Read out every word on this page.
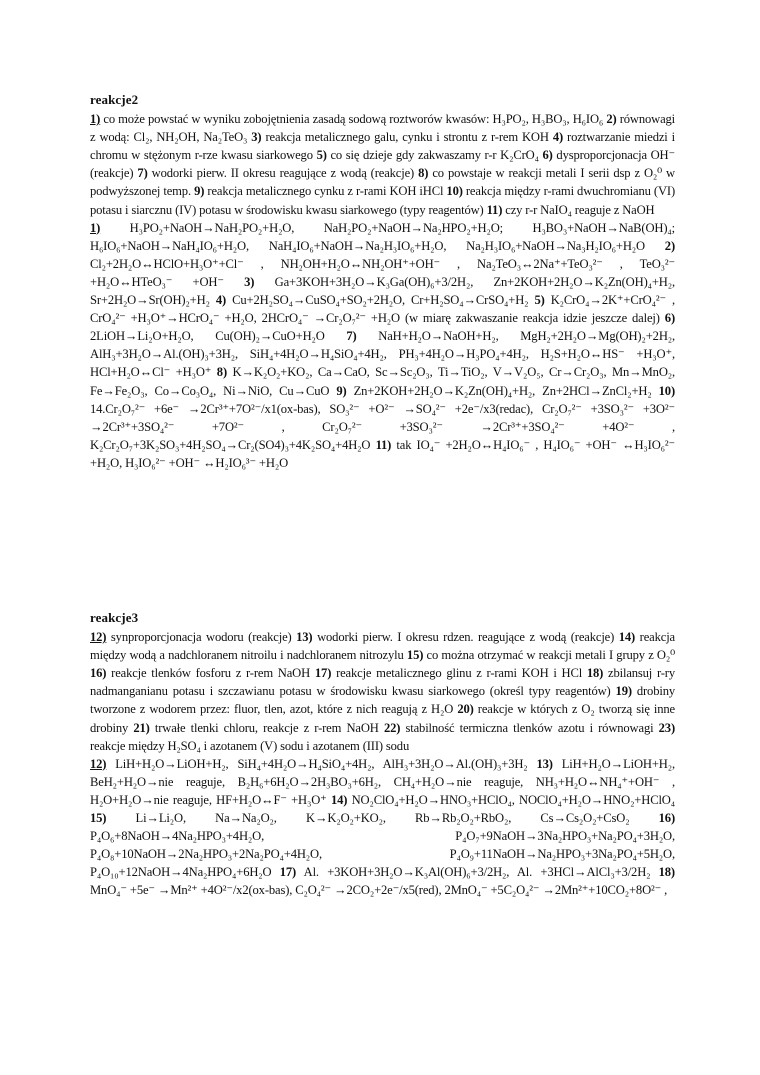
reakcje2

1) co może powstać w wyniku zobojętnienia zasadą sodową roztworów kwasów: H₃PO₂, H₃BO₃, H₆IO₆ 2) równowagi z wodą: Cl₂, NH₂OH, Na₂TeO₃ 3) reakcja metalicznego galu, cynku i strontu z r-rem KOH 4) roztwarzanie miedzi i chromu w stężonym r-rze kwasu siarkowego 5) co się dzieje gdy zakwaszamy r-r K₂CrO₄ 6) dysproporcjonacja OH⁻ (reakcje) 7) wodorki pierw. II okresu reagujące z wodą (reakcje) 8) co powstaje w reakcji metali I serii dsp z O₂⁰ w podwyższonej temp. 9) reakcja metalicznego cynku z r-rami KOH iHCl 10) reakcja między r-rami dwuchromianu (VI) potasu i siarcznu (IV) potasu w środowisku kwasu siarkowego (typy reagentów) 11) czy r-r NaIO₄ reaguje z NaOH

1) H₃PO₂+NaOH→NaH₂PO₂+H₂O, NaH₂PO₂+NaOH→Na₂HPO₂+H₂O; H₃BO₃+NaOH→NaB(OH)₄; H₆IO₆+NaOH→NaH₄IO₆+H₂O, NaH₄IO₆+NaOH→Na₂H₃IO₆+H₂O, Na₂H₃IO₆+NaOH→Na₃H₂IO₆+H₂O 2) Cl₂+2H₂O↔HClO+H₃O⁺+Cl⁻ , NH₂OH+H₂O↔NH₂OH⁺+OH⁻ , Na₂TeO₃↔2Na⁺+TeO₃²⁻ , TeO₃²⁻ +H₂O↔HTeO₃⁻ +OH⁻ 3) Ga+3KOH+3H₂O→K₃Ga(OH)₆+3/2H₂, Zn+2KOH+2H₂O→K₂Zn(OH)₄+H₂, Sr+2H₂O→Sr(OH)₂+H₂ 4) Cu+2H₂SO₄→CuSO₄+SO₂+2H₂O, Cr+H₂SO₄→CrSO₄+H₂ 5) K₂CrO₄→2K⁺+CrO₄²⁻ , CrO₄²⁻ +H₃O⁺→HCrO₄⁻ +H₂O, 2HCrO₄⁻ →Cr₂O₇²⁻ +H₂O (w miarę zakwaszanie reakcja idzie jeszcze dalej) 6) 2LiOH→Li₂O+H₂O, Cu(OH)₂→CuO+H₂O 7) NaH+H₂O→NaOH+H₂, MgH₂+2H₂O→Mg(OH)₂+2H₂, AlH₃+3H₂O→Al.(OH)₃+3H₂, SiH₄+4H₂O→H₄SiO₄+4H₂, PH₃+4H₂O→H₃PO₄+4H₂, H₂S+H₂O↔HS⁻ +H₃O⁺, HCl+H₂O↔Cl⁻ +H₃O⁺ 8) K→K₂O₂+KO₂, Ca→CaO, Sc→Sc₂O₃, Ti→TiO₂, V→V₂O₅, Cr→Cr₂O₃, Mn→MnO₂, Fe→Fe₂O₃, Co→Co₃O₄, Ni→NiO, Cu→CuO 9) Zn+2KOH+2H₂O→K₂Zn(OH)₄+H₂, Zn+2HCl→ZnCl₂+H₂ 10) 14.Cr₂O₇²⁻ +6e⁻ →2Cr³⁺+7O²⁻/x1(ox-bas), SO₃²⁻ +O²⁻ →SO₄²⁻ +2e⁻/x3(redac), Cr₂O₇²⁻ +3SO₃²⁻ +3O²⁻ →2Cr³⁺+3SO₄²⁻ +7O²⁻ , Cr₂O₇²⁻ +3SO₃²⁻ →2Cr³⁺+3SO₄²⁻ +4O²⁻ , K₂Cr₂O₇+3K₂SO₃+4H₂SO₄→Cr₂(SO4)₃+4K₂SO₄+4H₂O 11) tak IO₄⁻ +2H₂O↔H₄IO₆⁻ , H₄IO₆⁻ +OH⁻ ↔H₃IO₆²⁻ +H₂O, H₃IO₆²⁻ +OH⁻ ↔H₂IO₆³⁻ +H₂O

reakcje3

12) synproporcjonacja wodoru (reakcje) 13) wodorki pierw. I okresu rdzen. reagujące z wodą (reakcje) 14) reakcja między wodą a nadchloranem nitroilu i nadchloranem nitrozylu 15) co można otrzymać w reakcji metali I grupy z O₂⁰ 16) reakcje tlenków fosforu z r-rem NaOH 17) reakcje metalicznego glinu z r-rami KOH i HCl 18) zbilansuj r-ry nadmanganianu potasu i szczawianu potasu w środowisku kwasu siarkowego (określ typy reagentów) 19) drobiny tworzone z wodorem przez: fluor, tlen, azot, które z nich reagują z H₂O 20) reakcje w których z O₂ tworzą się inne drobiny 21) trwałe tlenki chloru, reakcje z r-rem NaOH 22) stabilność termiczna tlenków azotu i równowagi 23) reakcje między H₂SO₄ i azotanem (V) sodu i azotanem (III) sodu

12) LiH+H₂O→LiOH+H₂, SiH₄+4H₂O→H₄SiO₄+4H₂, AlH₃+3H₂O→Al.(OH)₃+3H₂ 13) LiH+H₂O→LiOH+H₂, BeH₂+H₂O→nie reaguje, B₂H₆+6H₂O→2H₃BO₃+6H₂, CH₄+H₂O→nie reaguje, NH₃+H₂O↔NH₄⁺+OH⁻ , H₂O+H₂O→nie reaguje, HF+H₂O↔F⁻ +H₃O⁺ 14) NO₂ClO₄+H₂O→HNO₃+HClO₄, NOClO₄+H₂O→HNO₂+HClO₄ 15) Li→Li₂O, Na→Na₂O₂, K→K₂O₂+KO₂, Rb→Rb₂O₂+RbO₂, Cs→Cs₂O₂+CsO₂ 16) P₄O₆+8NaOH→4Na₂HPO₃+4H₂O, P₄O₇+9NaOH→3Na₂HPO₃+Na₂PO₄+3H₂O, P₄O₈+10NaOH→2Na₂HPO₃+2Na₂PO₄+4H₂O, P₄O₉+11NaOH→Na₂HPO₃+3Na₂PO₄+5H₂O, P₄O₁₀+12NaOH→4Na₂HPO₄+6H₂O 17) Al. +3KOH+3H₂O→K₃Al(OH)₆+3/2H₂, Al. +3HCl→AlCl₃+3/2H₂ 18) MnO₄⁻ +5e⁻ →Mn²⁺ +4O²⁻/x2(ox-bas), C₂O₄²⁻ →2CO₂+2e⁻/x5(red), 2MnO₄⁻ +5C₂O₄²⁻ →2Mn²⁺+10CO₂+8O²⁻ ,
